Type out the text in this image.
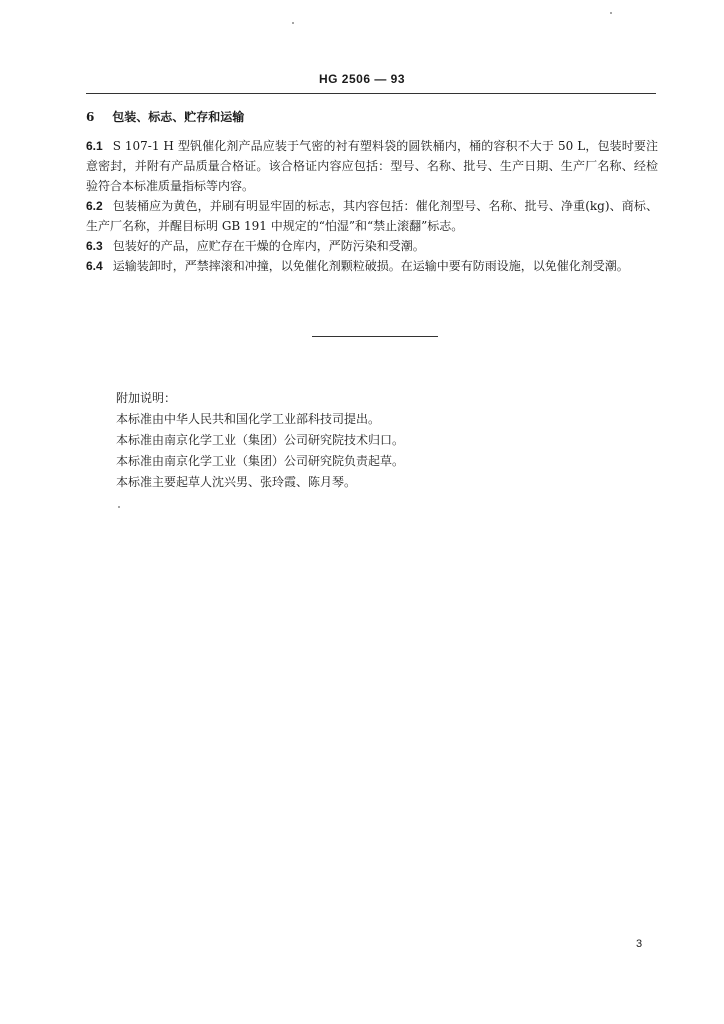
HG 2506 — 93
6 包装、标志、贮存和运输

6.1 S 107-1 H 型钒催化剂产品应装于气密的衬有塑料袋的圆铁桶内，桶的容积不大于 50 L，包装时要注意密封，并附有产品质量合格证。该合格证内容应包括：型号、名称、批号、生产日期、生产厂名称、经检验符合本标准质量指标等内容。

6.2 包装桶应为黄色，并刷有明显牢固的标志，其内容包括：催化剂型号、名称、批号、净重(kg)、商标、生产厂名称，并醒目标明 GB 191 中规定的“怕湿”和“禁止滚翻”标志。

6.3 包装好的产品，应贮存在干燥的仓库内，严防污染和受潮。

6.4 运输装卸时，严禁摔滚和冲撞，以免催化剂颗粒破损。在运输中要有防雨设施，以免催化剂受潮。

附加说明：

本标准由中华人民共和国化学工业部科技司提出。

本标准由南京化学工业（集团）公司研究院技术归口。

本标准由南京化学工业（集团）公司研究院负责起草。

本标准主要起草人沈兴男、张玲霞、陈月琴。

3
